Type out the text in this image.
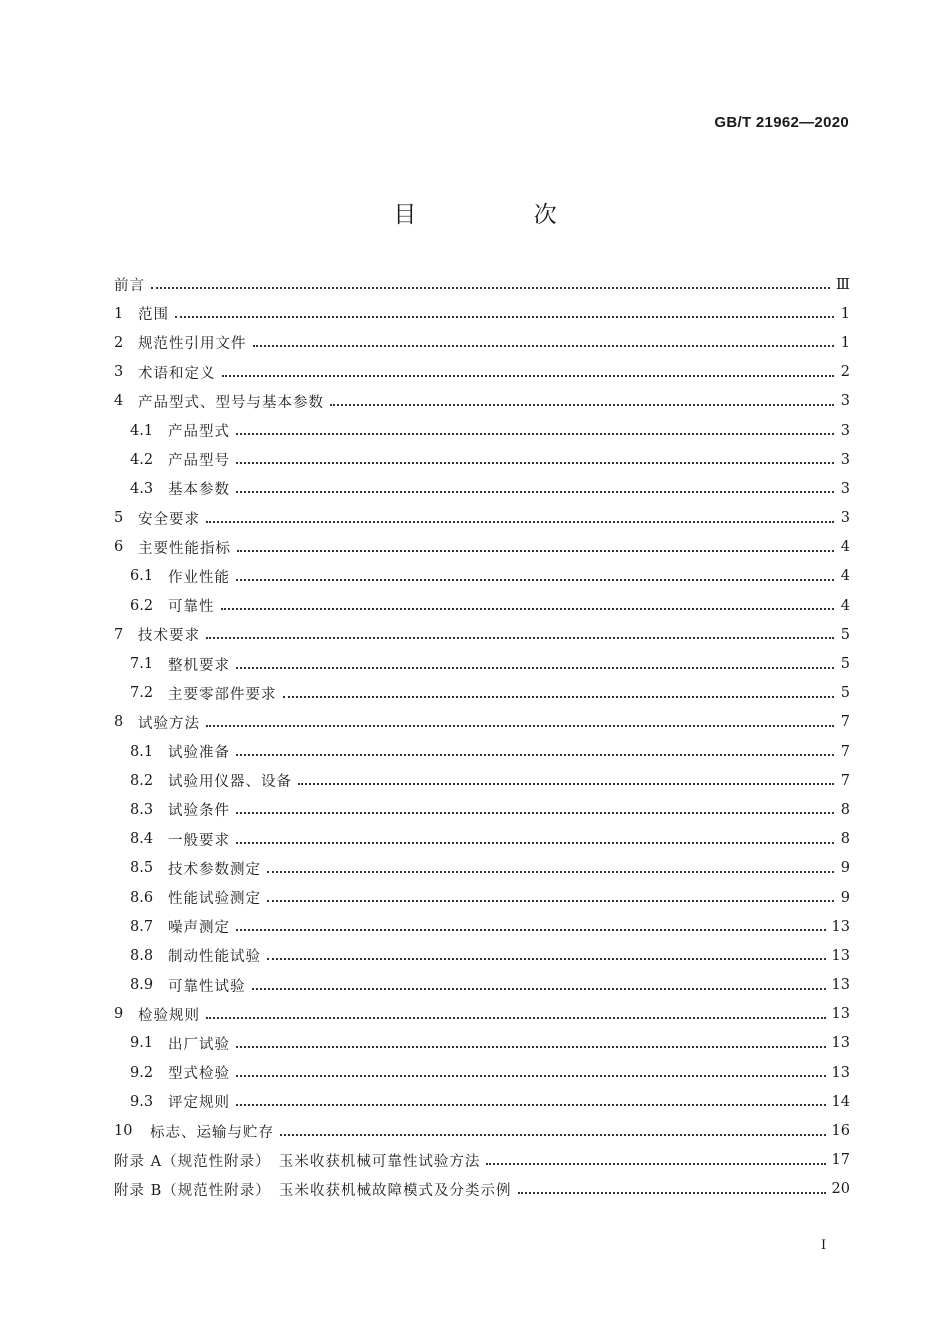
GB/T 21962—2020
目 次
前言	Ⅲ
1	范围	1
2	规范性引用文件	1
3	术语和定义	2
4	产品型式、型号与基本参数	3
4.1	产品型式	3
4.2	产品型号	3
4.3	基本参数	3
5	安全要求	3
6	主要性能指标	4
6.1	作业性能	4
6.2	可靠性	4
7	技术要求	5
7.1	整机要求	5
7.2	主要零部件要求	5
8	试验方法	7
8.1	试验准备	7
8.2	试验用仪器、设备	7
8.3	试验条件	8
8.4	一般要求	8
8.5	技术参数测定	9
8.6	性能试验测定	9
8.7	噪声测定	13
8.8	制动性能试验	13
8.9	可靠性试验	13
9	检验规则	13
9.1	出厂试验	13
9.2	型式检验	13
9.3	评定规则	14
10	标志、运输与贮存	16
附录 A（规范性附录）　玉米收获机械可靠性试验方法	17
附录 B（规范性附录）　玉米收获机械故障模式及分类示例	20
Ⅰ
